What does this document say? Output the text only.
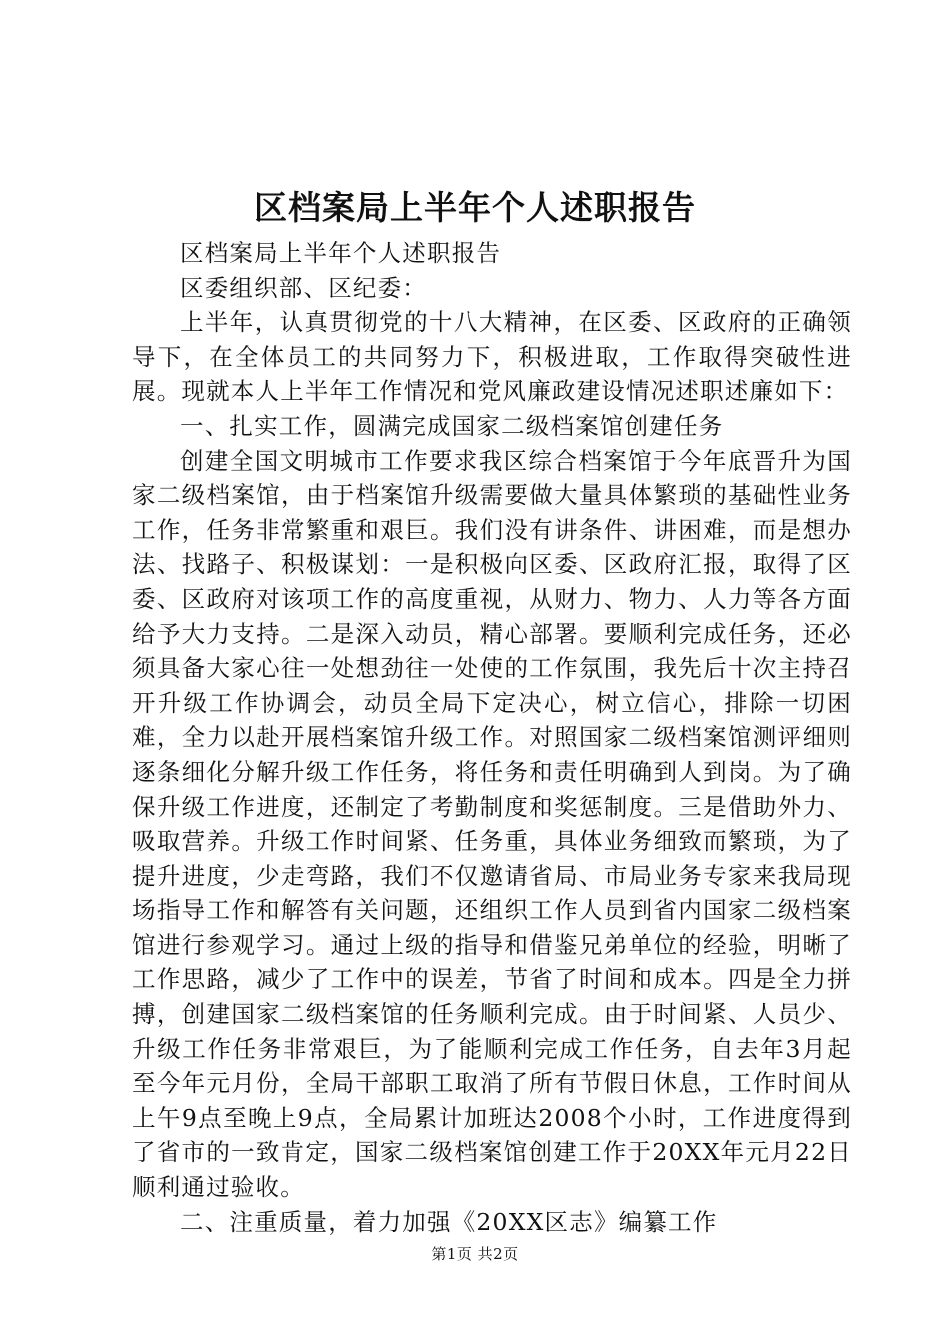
区档案局上半年个人述职报告

区档案局上半年个人述职报告

区委组织部、区纪委：

上半年，认真贯彻党的十八大精神，在区委、区政府的正确领导下，在全体员工的共同努力下，积极进取，工作取得突破性进展。现就本人上半年工作情况和党风廉政建设情况述职述廉如下：

一、扎实工作，圆满完成国家二级档案馆创建任务

创建全国文明城市工作要求我区综合档案馆于今年底晋升为国家二级档案馆，由于档案馆升级需要做大量具体繁琐的基础性业务工作，任务非常繁重和艰巨。我们没有讲条件、讲困难，而是想办法、找路子、积极谋划：一是积极向区委、区政府汇报，取得了区委、区政府对该项工作的高度重视，从财力、物力、人力等各方面给予大力支持。二是深入动员，精心部署。要顺利完成任务，还必须具备大家心往一处想劲往一处使的工作氛围，我先后十次主持召开升级工作协调会，动员全局下定决心，树立信心，排除一切困难，全力以赴开展档案馆升级工作。对照国家二级档案馆测评细则逐条细化分解升级工作任务，将任务和责任明确到人到岗。为了确保升级工作进度，还制定了考勤制度和奖惩制度。三是借助外力、吸取营养。升级工作时间紧、任务重，具体业务细致而繁琐，为了提升进度，少走弯路，我们不仅邀请省局、市局业务专家来我局现场指导工作和解答有关问题，还组织工作人员到省内国家二级档案馆进行参观学习。通过上级的指导和借鉴兄弟单位的经验，明晰了工作思路，减少了工作中的误差，节省了时间和成本。四是全力拼搏，创建国家二级档案馆的任务顺利完成。由于时间紧、人员少、升级工作任务非常艰巨，为了能顺利完成工作任务，自去年3月起至今年元月份，全局干部职工取消了所有节假日休息，工作时间从上午9点至晚上9点，全局累计加班达2008个小时，工作进度得到了省市的一致肯定，国家二级档案馆创建工作于20XX年元月22日顺利通过验收。

二、注重质量，着力加强《20XX区志》编纂工作

第1页 共2页
